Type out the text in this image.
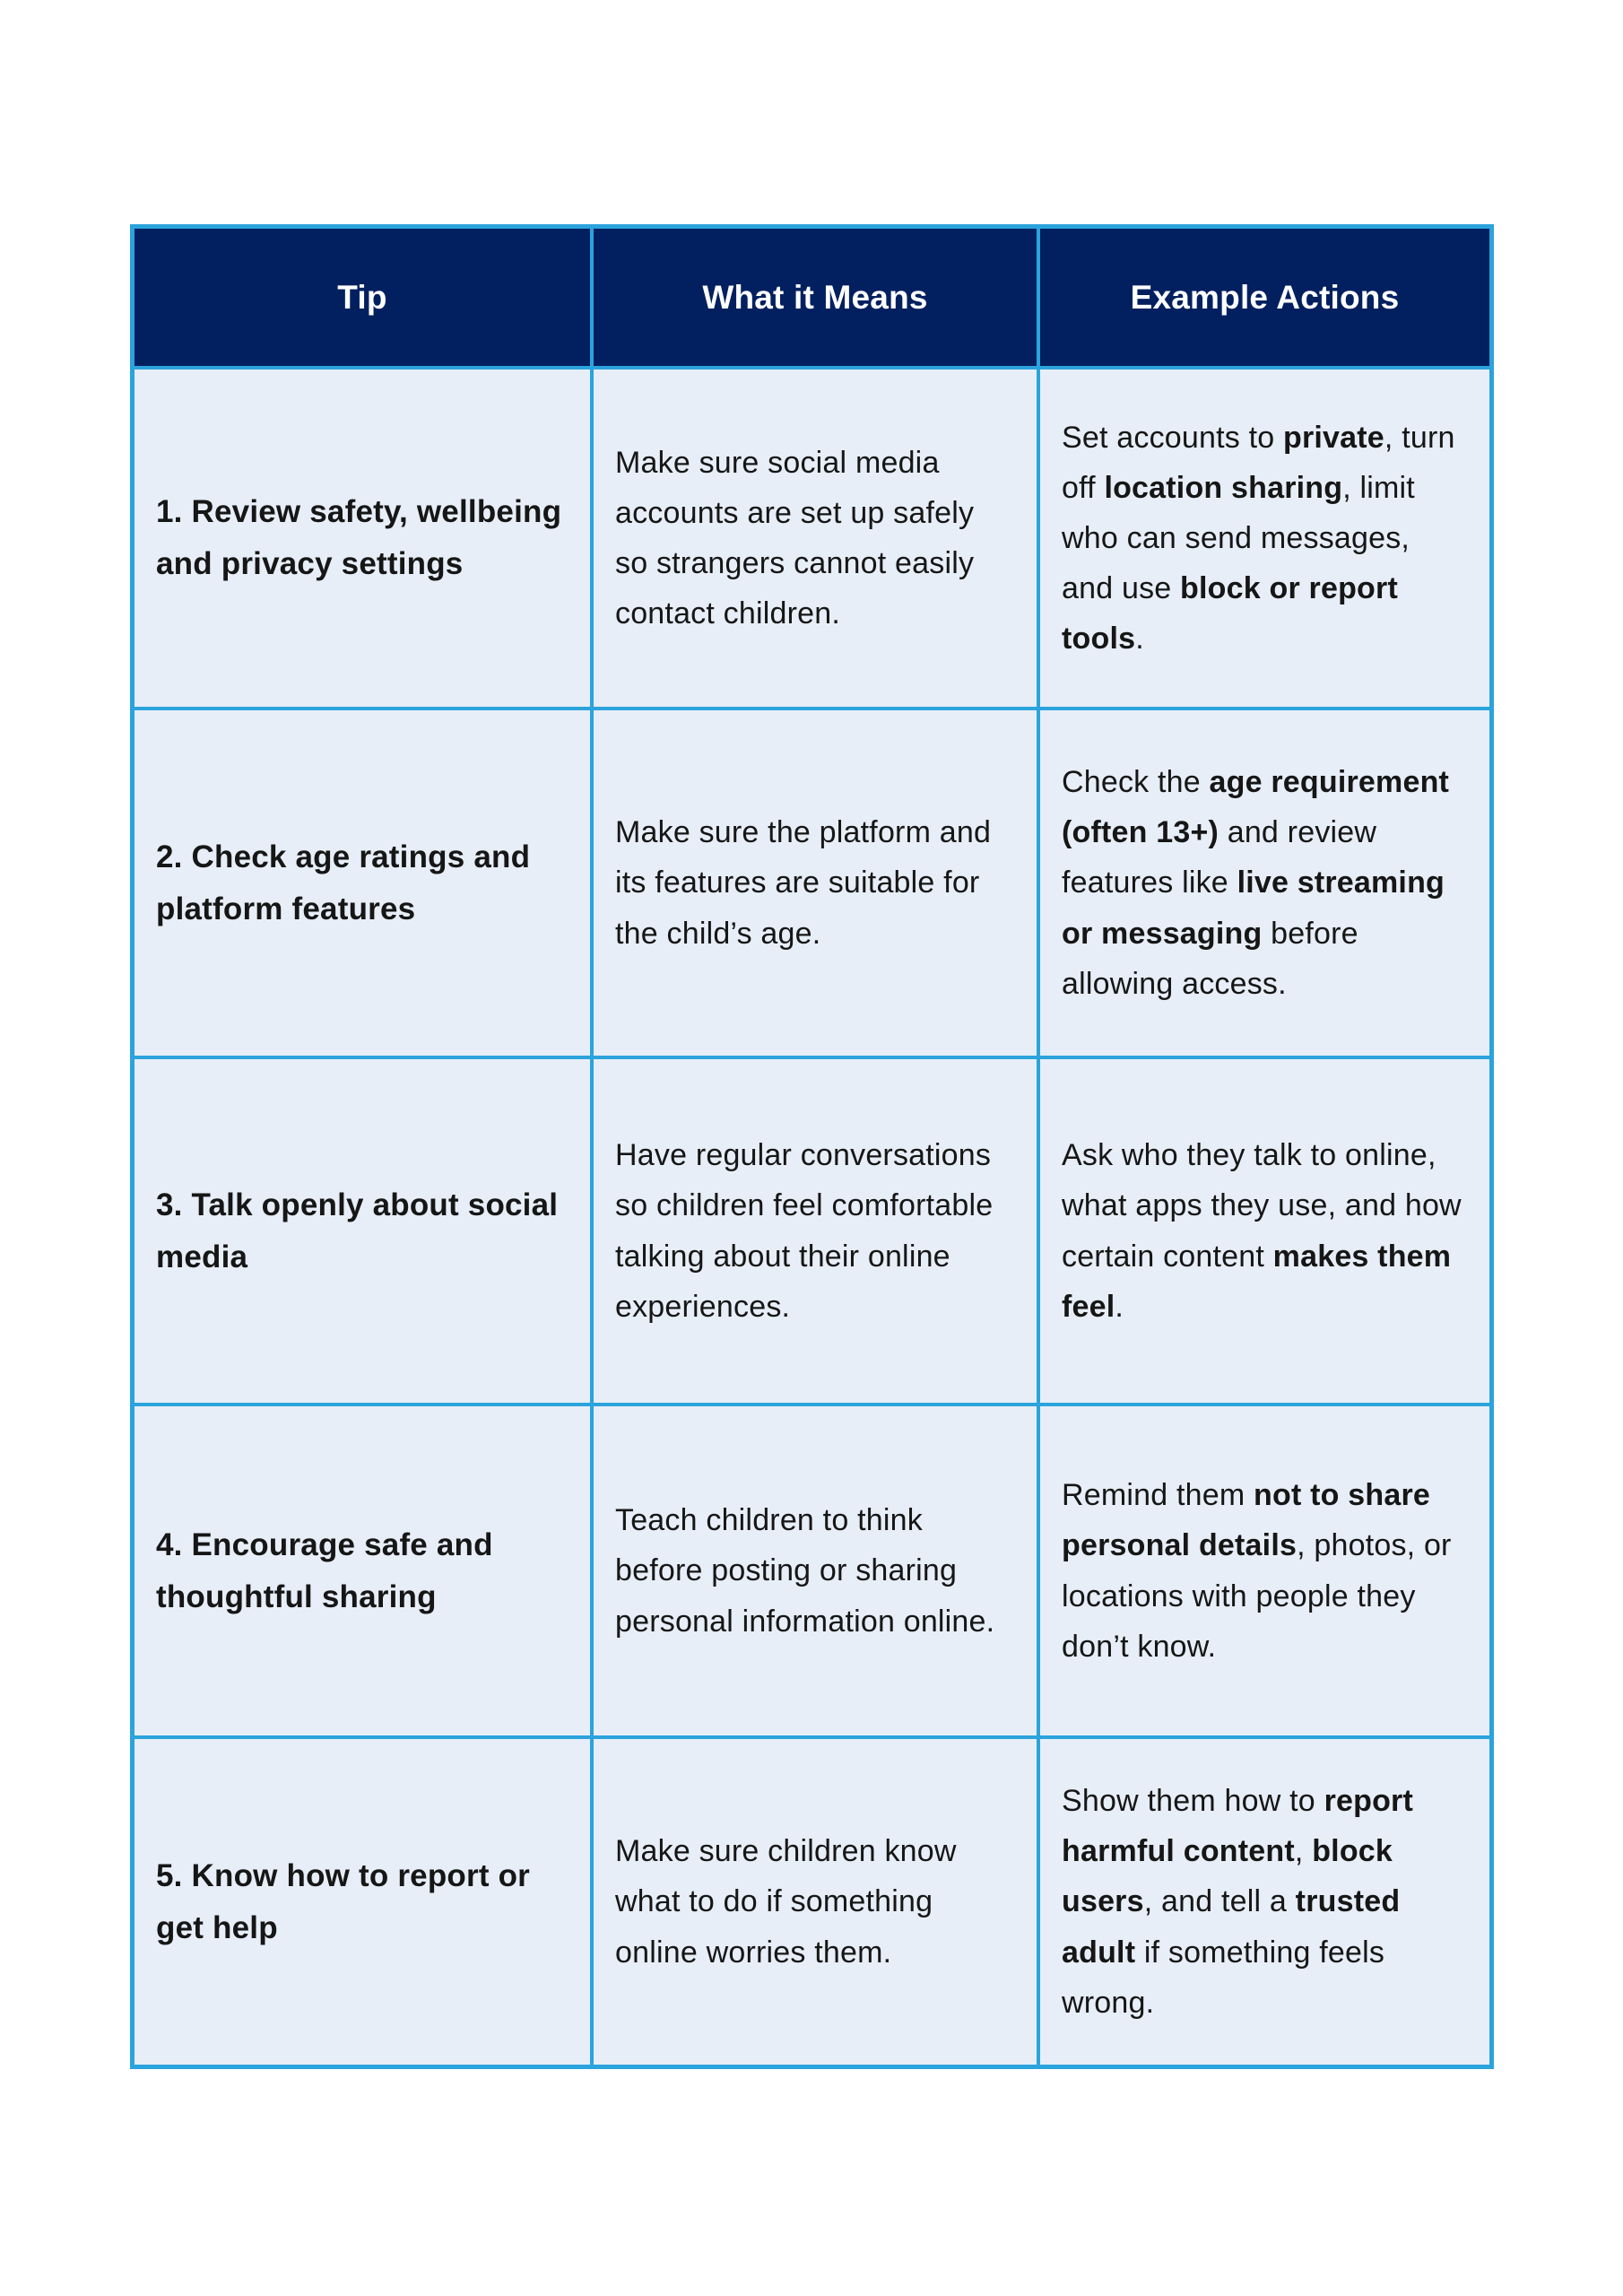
Tip	What it Means	Example Actions
1. Review safety, wellbeing and privacy settings
Make sure social media accounts are set up safely so strangers cannot easily contact children.
Set accounts to private, turn off location sharing, limit who can send messages, and use block or report tools.
2. Check age ratings and platform features
Make sure the platform and its features are suitable for the child’s age.
Check the age requirement (often 13+) and review features like live streaming or messaging before allowing access.
3. Talk openly about social media
Have regular conversations so children feel comfortable talking about their online experiences.
Ask who they talk to online, what apps they use, and how certain content makes them feel.
4. Encourage safe and thoughtful sharing
Teach children to think before posting or sharing personal information online.
Remind them not to share personal details, photos, or locations with people they don’t know.
5. Know how to report or get help
Make sure children know what to do if something online worries them.
Show them how to report harmful content, block users, and tell a trusted adult if something feels wrong.
